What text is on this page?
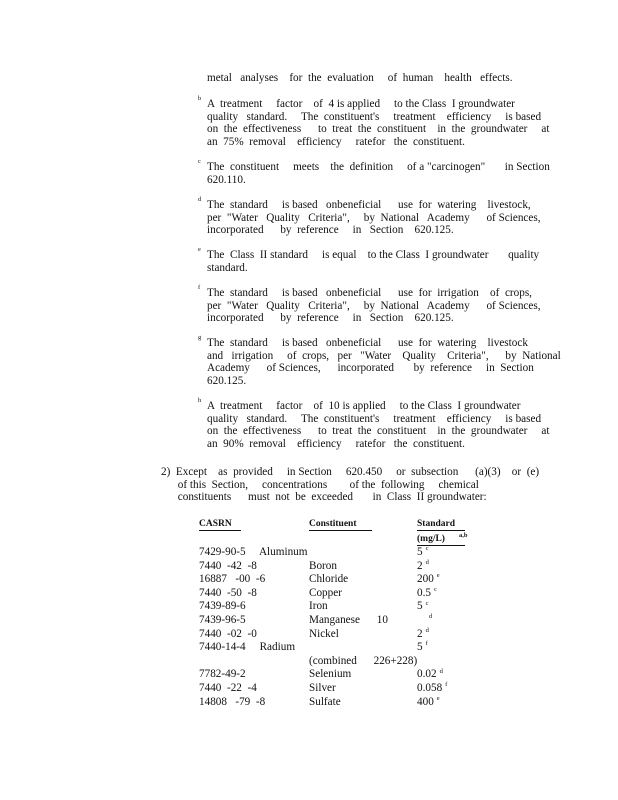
metal   analyses    for  the  evaluation     of  human    health   effects.
b A  treatment     factor    of  4 is applied     to the Class  I groundwater
quality   standard.     The  constituent's     treatment    efficiency     is based
on  the  effectiveness      to  treat  the  constituent    in  the  groundwater     at
an  75%  removal    efficiency     ratefor   the  constituent.
c The  constituent     meets    the  definition     of a "carcinogen"       in Section
620.110.
d The  standard     is based   onbeneficial      use  for  watering    livestock,
per  "Water   Quality   Criteria",     by  National   Academy      of Sciences,
incorporated      by  reference     in   Section    620.125.
e The  Class  II standard     is equal    to the Class  I groundwater       quality
standard.
f The  standard     is based   onbeneficial      use  for  irrigation    of  crops,
per  "Water   Quality   Criteria",     by  National   Academy      of Sciences,
incorporated      by  reference     in   Section    620.125.
g The  standard     is based   onbeneficial      use  for  watering    livestock
and   irrigation     of  crops,   per   "Water    Quality    Criteria",      by  National
Academy      of Sciences,      incorporated       by  reference     in  Section
620.125.
h A  treatment     factor    of  10 is applied     to the Class  I groundwater
quality   standard.     The  constituent's     treatment    efficiency     is based
on  the  effectiveness      to  treat  the  constituent    in  the  groundwater     at
an  90%  removal    efficiency     ratefor   the  constituent.
2)  Except    as  provided     in Section     620.450     or  subsection      (a)(3)    or  (e)
of this  Section,     concentrations        of the  following     chemical
constituents      must  not  be  exceeded       in  Class  II groundwater:
CASRN	Constituent	Standard
(mg/L) $^{a,b}$
7429-90-5     Aluminum	5 $^c$
7440  -42  -8	Boron	2 $^d$
16887   -00  -6	Chloride	200 $^e$
7440  -50  -8	Copper	0.5 $^c$
7439-89-6	Iron	5 $^c$
7439-96-5	Manganese      10	$^d$
7440  -02  -0	Nickel	2 $^d$
7440-14-4     Radium	5 $^f$
(combined      226+228)
7782-49-2	Selenium	0.02 $^d$
7440  -22  -4	Silver	0.058 $^f$
14808   -79  -8	Sulfate	400 $^e$
